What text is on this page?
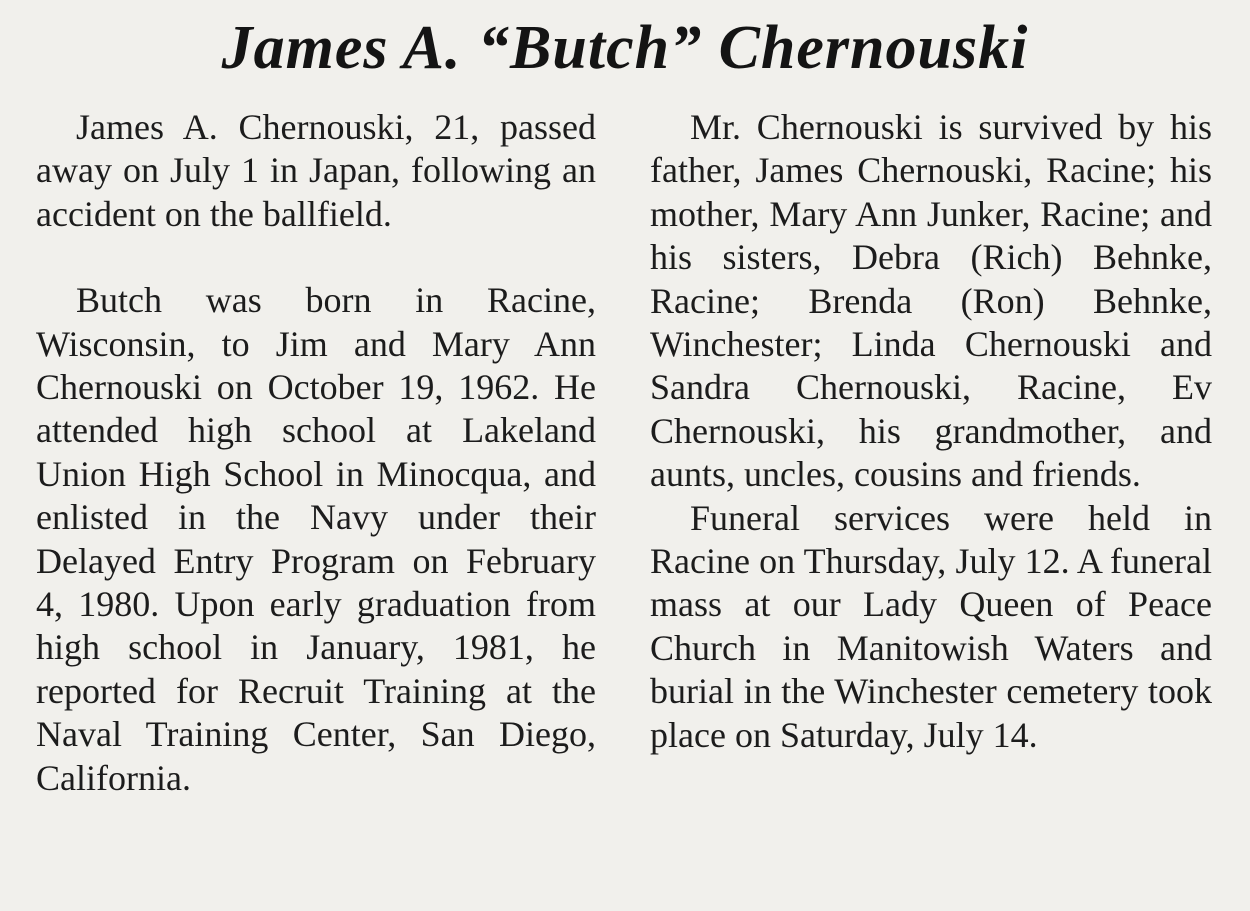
James A. “Butch” Chernouski

James A. Chernouski, 21, passed away on July 1 in Japan, following an accident on the ballfield.

Butch was born in Racine, Wisconsin, to Jim and Mary Ann Chernouski on October 19, 1962. He attended high school at Lakeland Union High School in Minocqua, and enlisted in the Navy under their Delayed Entry Program on February 4, 1980. Upon early graduation from high school in January, 1981, he reported for Recruit Training at the Naval Training Center, San Diego, California.

Mr. Chernouski is survived by his father, James Chernouski, Racine; his mother, Mary Ann Junker, Racine; and his sisters, Debra (Rich) Behnke, Racine; Brenda (Ron) Behnke, Winchester; Linda Chernouski and Sandra Chernouski, Racine, Ev Chernouski, his grandmother, and aunts, uncles, cousins and friends.

Funeral services were held in Racine on Thursday, July 12. A funeral mass at our Lady Queen of Peace Church in Manitowish Waters and burial in the Winchester cemetery took place on Saturday, July 14.
